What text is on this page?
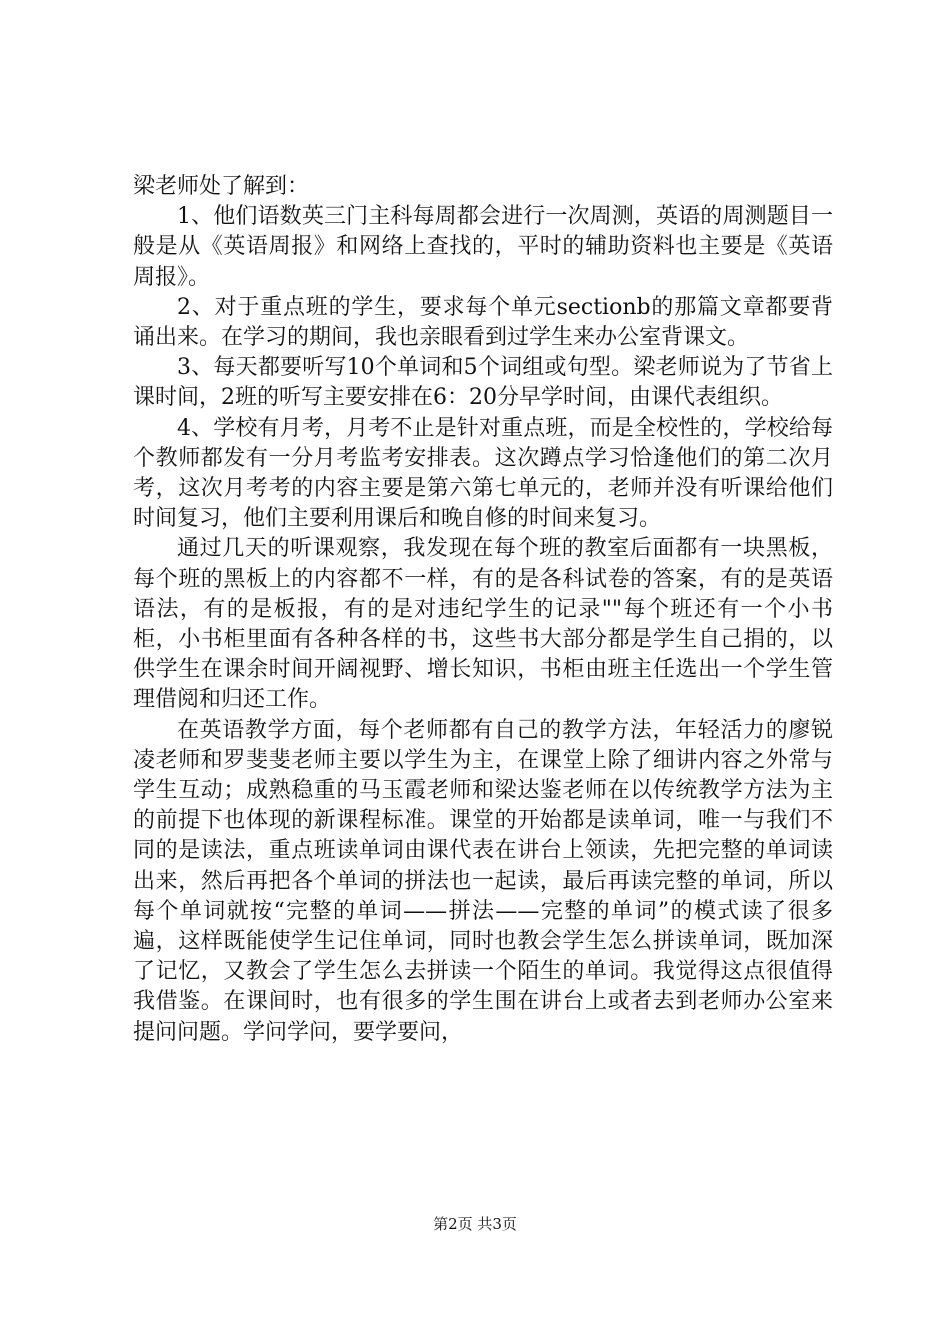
梁老师处了解到：

1、他们语数英三门主科每周都会进行一次周测，英语的周测题目一般是从《英语周报》和网络上查找的，平时的辅助资料也主要是《英语周报》。

2、对于重点班的学生，要求每个单元sectionb的那篇文章都要背诵出来。在学习的期间，我也亲眼看到过学生来办公室背课文。

3、每天都要听写10个单词和5个词组或句型。梁老师说为了节省上课时间，2班的听写主要安排在6：20分早学时间，由课代表组织。

4、学校有月考，月考不止是针对重点班，而是全校性的，学校给每个教师都发有一分月考监考安排表。这次蹲点学习恰逢他们的第二次月考，这次月考考的内容主要是第六第七单元的，老师并没有听课给他们时间复习，他们主要利用课后和晚自修的时间来复习。

通过几天的听课观察，我发现在每个班的教室后面都有一块黑板，每个班的黑板上的内容都不一样，有的是各科试卷的答案，有的是英语语法，有的是板报，有的是对违纪学生的记录""每个班还有一个小书柜，小书柜里面有各种各样的书，这些书大部分都是学生自己捐的，以供学生在课余时间开阔视野、增长知识，书柜由班主任选出一个学生管理借阅和归还工作。

在英语教学方面，每个老师都有自己的教学方法，年轻活力的廖锐凌老师和罗斐斐老师主要以学生为主，在课堂上除了细讲内容之外常与学生互动；成熟稳重的马玉霞老师和梁达鉴老师在以传统教学方法为主的前提下也体现的新课程标准。课堂的开始都是读单词，唯一与我们不同的是读法，重点班读单词由课代表在讲台上领读，先把完整的单词读出来，然后再把各个单词的拼法也一起读，最后再读完整的单词，所以每个单词就按“完整的单词——拼法——完整的单词”的模式读了很多遍，这样既能使学生记住单词，同时也教会学生怎么拼读单词，既加深了记忆，又教会了学生怎么去拼读一个陌生的单词。我觉得这点很值得我借鉴。在课间时，也有很多的学生围在讲台上或者去到老师办公室来提问问题。学问学问，要学要问，

第2页 共3页
